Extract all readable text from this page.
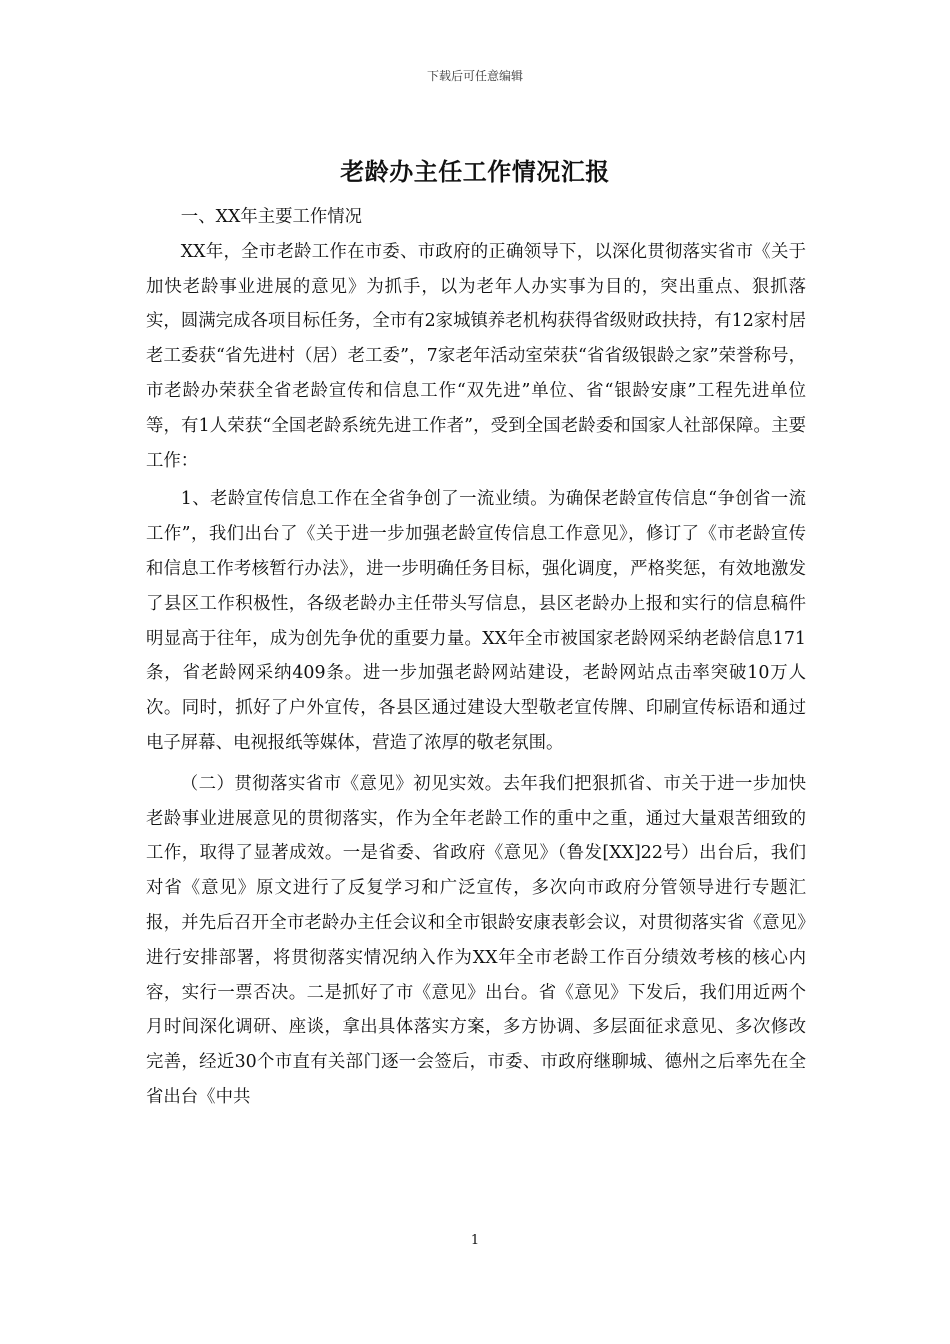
下载后可任意编辑
老龄办主任工作情况汇报

一、XX年主要工作情况

XX年，全市老龄工作在市委、市政府的正确领导下，以深化贯彻落实省市《关于加快老龄事业进展的意见》为抓手，以为老年人办实事为目的，突出重点、狠抓落实，圆满完成各项目标任务，全市有2家城镇养老机构获得省级财政扶持，有12家村居老工委获“省先进村（居）老工委”，7家老年活动室荣获“省省级银龄之家”荣誉称号，市老龄办荣获全省老龄宣传和信息工作“双先进”单位、省“银龄安康”工程先进单位等，有1人荣获“全国老龄系统先进工作者”，受到全国老龄委和国家人社部保障。主要工作：

1、老龄宣传信息工作在全省争创了一流业绩。为确保老龄宣传信息“争创省一流工作”，我们出台了《关于进一步加强老龄宣传信息工作意见》，修订了《市老龄宣传和信息工作考核暂行办法》，进一步明确任务目标，强化调度，严格奖惩，有效地激发了县区工作积极性，各级老龄办主任带头写信息，县区老龄办上报和实行的信息稿件明显高于往年，成为创先争优的重要力量。XX年全市被国家老龄网采纳老龄信息171条，省老龄网采纳409条。进一步加强老龄网站建设，老龄网站点击率突破10万人次。同时，抓好了户外宣传，各县区通过建设大型敬老宣传牌、印刷宣传标语和通过电子屏幕、电视报纸等媒体，营造了浓厚的敬老氛围。

（二）贯彻落实省市《意见》初见实效。去年我们把狠抓省、市关于进一步加快老龄事业进展意见的贯彻落实，作为全年老龄工作的重中之重，通过大量艰苦细致的工作，取得了显著成效。一是省委、省政府《意见》（鲁发[XX]22号）出台后，我们对省《意见》原文进行了反复学习和广泛宣传，多次向市政府分管领导进行专题汇报，并先后召开全市老龄办主任会议和全市银龄安康表彰会议，对贯彻落实省《意见》进行安排部署，将贯彻落实情况纳入作为XX年全市老龄工作百分绩效考核的核心内容，实行一票否决。二是抓好了市《意见》出台。省《意见》下发后，我们用近两个月时间深化调研、座谈，拿出具体落实方案，多方协调、多层面征求意见、多次修改完善，经近30个市直有关部门逐一会签后，市委、市政府继聊城、德州之后率先在全省出台《中共

1
